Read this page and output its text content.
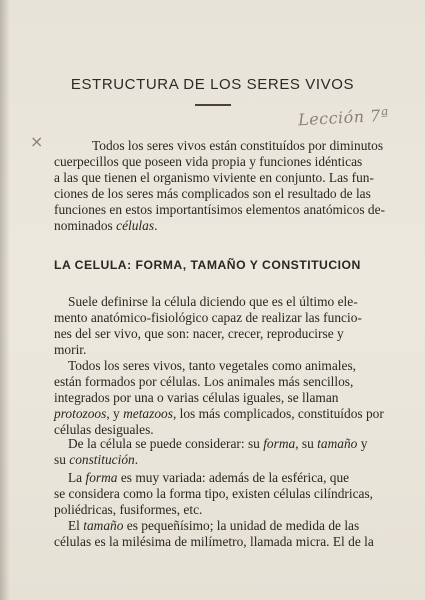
ESTRUCTURA DE LOS SERES VIVOS
Lección 7ª
×	Todos los seres vivos están constituídos por diminutos
cuerpecillos que poseen vida propia y funciones idénticas
a las que tienen el organismo viviente en conjunto. Las fun-
ciones de los seres más complicados son el resultado de las
funciones en estos importantísimos elementos anatómicos de-
nominados células.
LA CELULA: FORMA, TAMAÑO Y CONSTITUCION
Suele definirse la célula diciendo que es el último ele-
mento anatómico-fisiológico capaz de realizar las funcio-
nes del ser vivo, que son: nacer, crecer, reproducirse y
morir.
Todos los seres vivos, tanto vegetales como animales,
están formados por células. Los animales más sencillos,
integrados por una o varias células iguales, se llaman
protozoos, y metazoos, los más complicados, constituídos por
células desiguales.
De la célula se puede considerar: su forma, su tamaño y
su constitución.
La forma es muy variada: además de la esférica, que
se considera como la forma tipo, existen células cilíndricas,
poliédricas, fusiformes, etc.
El tamaño es pequeñísimo; la unidad de medida de las
células es la milésima de milímetro, llamada micra. El de la
